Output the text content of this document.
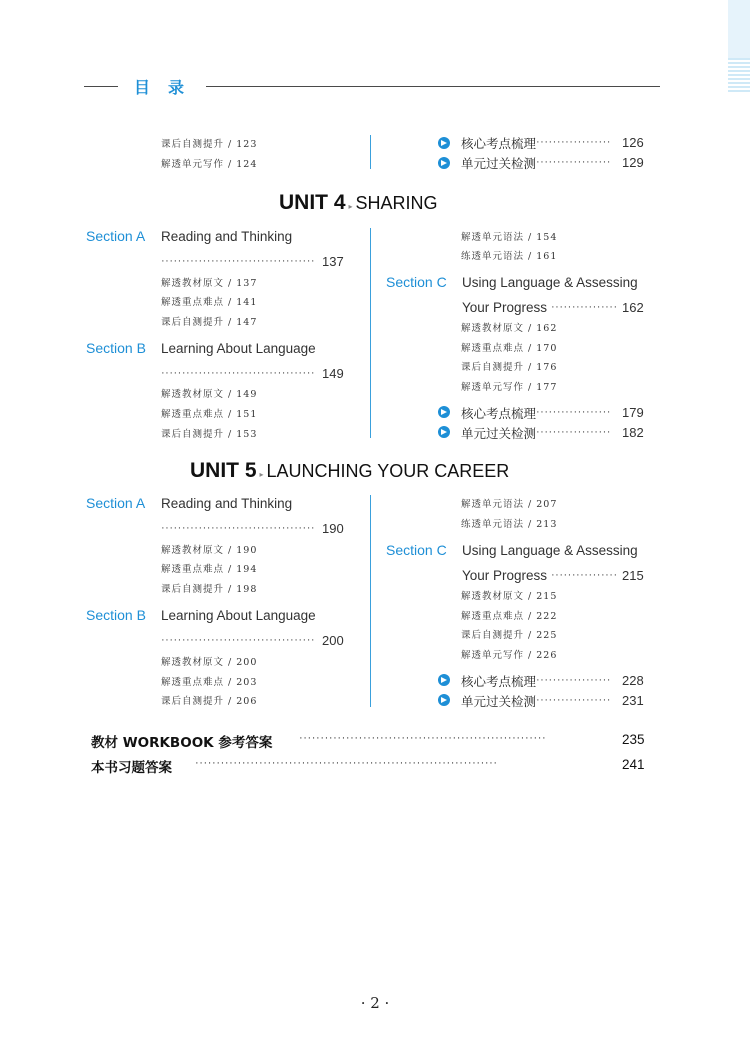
目　录
课后自测提升 / 123
解透单元写作 / 124
核心考点梳理 ·················· 126
单元过关检测 ·················· 129
UNIT 4 ▸ SHARING
Section A Reading and Thinking
····································· 137
解透教材原文 / 137
解透重点难点 / 141
课后自测提升 / 147
Section B Learning About Language
····································· 149
解透教材原文 / 149
解透重点难点 / 151
课后自测提升 / 153
解透单元语法 / 154
练透单元语法 / 161
Section C Using Language & Assessing
Your Progress ················ 162
解透教材原文 / 162
解透重点难点 / 170
课后自测提升 / 176
解透单元写作 / 177
核心考点梳理 ·················· 179
单元过关检测 ·················· 182
UNIT 5 ▸ LAUNCHING YOUR CAREER
Section A Reading and Thinking
····································· 190
解透教材原文 / 190
解透重点难点 / 194
课后自测提升 / 198
Section B Learning About Language
····································· 200
解透教材原文 / 200
解透重点难点 / 203
课后自测提升 / 206
解透单元语法 / 207
练透单元语法 / 213
Section C Using Language & Assessing
Your Progress ················ 215
解透教材原文 / 215
解透重点难点 / 222
课后自测提升 / 225
解透单元写作 / 226
核心考点梳理 ·················· 228
单元过关检测 ·················· 231
教材 WORKBOOK 参考答案 ··························································	235
本书习题答案 ·······································································	241
· 2 ·
